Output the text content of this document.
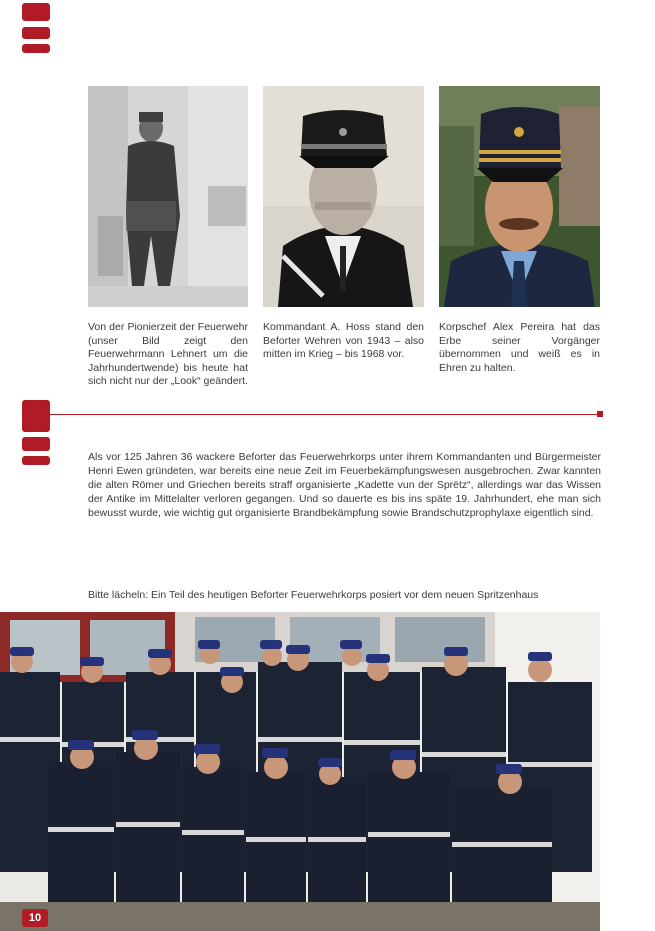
Von der Pionierzeit der Feuerwehr (unser Bild zeigt den Feuerwehrmann Lehnert um die Jahrhundertwende) bis heute hat sich nicht nur der „Look“ geändert.
Kommandant A. Hoss stand den Beforter Wehren von 1943 – also mitten im Krieg – bis 1968 vor.
Korpschef Alex Pereira hat das Erbe seiner Vorgänger übernommen und weiß es in Ehren zu halten.
Als vor 125 Jahren 36 wackere Beforter das Feuerwehrkorps unter ihrem Kommandanten und Bürgermeister Henri Ewen gründeten, war bereits eine neue Zeit im Feuerbekämpfungswesen ausgebrochen. Zwar kannten die alten Römer und Griechen bereits straff organisierte „Kadette vun der Sprëtz“, allerdings war das Wissen der Antike im Mittelalter verloren gegangen. Und so dauerte es bis ins späte 19. Jahrhundert, ehe man sich bewusst wurde, wie wichtig gut organisierte Brandbekämpfung sowie Brandschutzprophylaxe eigentlich sind.
Bitte lächeln: Ein Teil des heutigen Beforter Feuerwehrkorps posiert vor dem neuen Spritzenhaus
10
